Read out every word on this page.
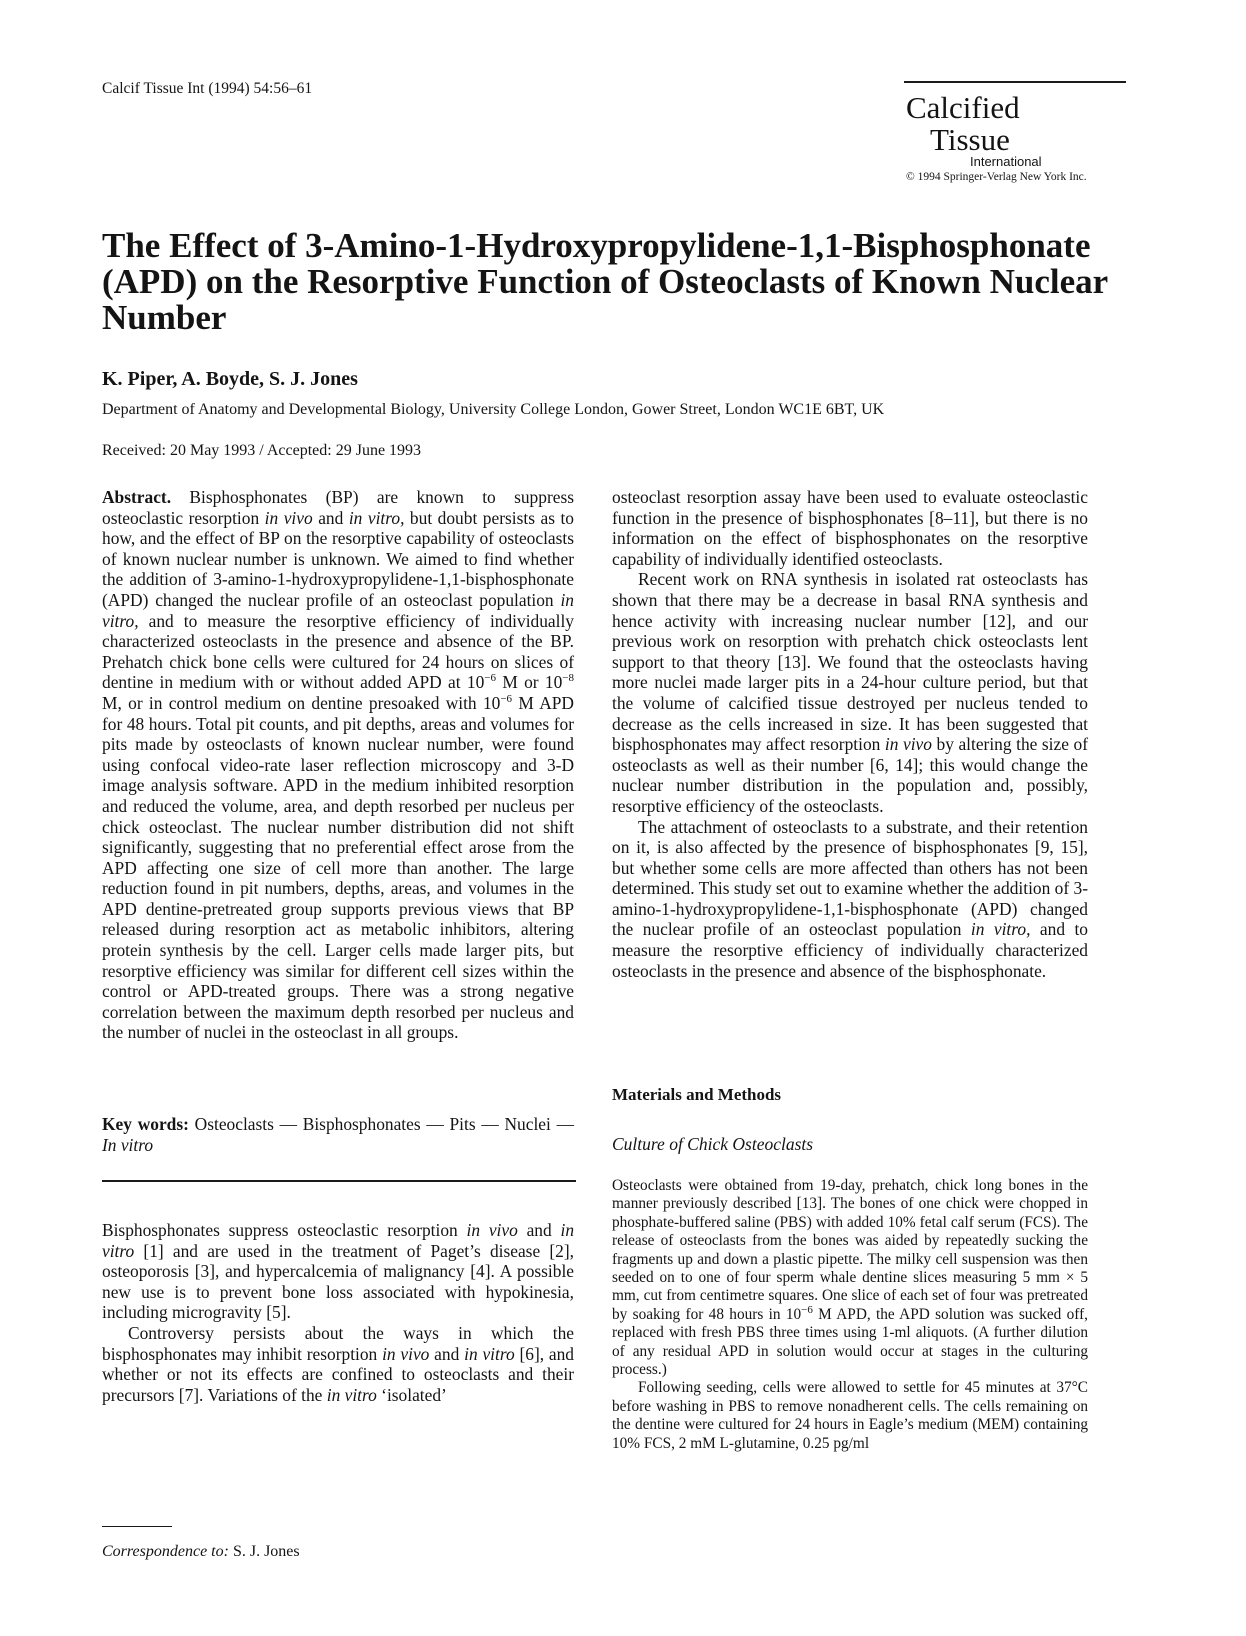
Calcif Tissue Int (1994) 54:56–61
Calcified
Tissue
International
© 1994 Springer-Verlag New York Inc.
The Effect of 3-Amino-1-Hydroxypropylidene-1,1-Bisphosphonate (APD) on the Resorptive Function of Osteoclasts of Known Nuclear Number
K. Piper, A. Boyde, S. J. Jones
Department of Anatomy and Developmental Biology, University College London, Gower Street, London WC1E 6BT, UK
Received: 20 May 1993 / Accepted: 29 June 1993

Abstract. Bisphosphonates (BP) are known to suppress osteoclastic resorption in vivo and in vitro, but doubt persists as to how, and the effect of BP on the resorptive capability of osteoclasts of known nuclear number is unknown. We aimed to find whether the addition of 3-amino-1-hydroxypropylidene-1,1-bisphosphonate (APD) changed the nuclear profile of an osteoclast population in vitro, and to measure the resorptive efficiency of individually characterized osteoclasts in the presence and absence of the BP. Prehatch chick bone cells were cultured for 24 hours on slices of dentine in medium with or without added APD at $10^{-6}$ M or $10^{-8}$ M, or in control medium on dentine presoaked with $10^{-6}$ M APD for 48 hours. Total pit counts, and pit depths, areas and volumes for pits made by osteoclasts of known nuclear number, were found using confocal video-rate laser reflection microscopy and 3-D image analysis software. APD in the medium inhibited resorption and reduced the volume, area, and depth resorbed per nucleus per chick osteoclast. The nuclear number distribution did not shift significantly, suggesting that no preferential effect arose from the APD affecting one size of cell more than another. The large reduction found in pit numbers, depths, areas, and volumes in the APD dentine-pretreated group supports previous views that BP released during resorption act as metabolic inhibitors, altering protein synthesis by the cell. Larger cells made larger pits, but resorptive efficiency was similar for different cell sizes within the control or APD-treated groups. There was a strong negative correlation between the maximum depth resorbed per nucleus and the number of nuclei in the osteoclast in all groups.

Key words: Osteoclasts — Bisphosphonates — Pits — Nuclei — In vitro

Bisphosphonates suppress osteoclastic resorption in vivo and in vitro [1] and are used in the treatment of Paget’s disease [2], osteoporosis [3], and hypercalcemia of malignancy [4]. A possible new use is to prevent bone loss associated with hypokinesia, including microgravity [5].

Controversy persists about the ways in which the bisphosphonates may inhibit resorption in vivo and in vitro [6], and whether or not its effects are confined to osteoclasts and their precursors [7]. Variations of the in vitro ‘isolated’

Correspondence to: S. J. Jones

osteoclast resorption assay have been used to evaluate osteoclastic function in the presence of bisphosphonates [8–11], but there is no information on the effect of bisphosphonates on the resorptive capability of individually identified osteoclasts.

Recent work on RNA synthesis in isolated rat osteoclasts has shown that there may be a decrease in basal RNA synthesis and hence activity with increasing nuclear number [12], and our previous work on resorption with prehatch chick osteoclasts lent support to that theory [13]. We found that the osteoclasts having more nuclei made larger pits in a 24-hour culture period, but that the volume of calcified tissue destroyed per nucleus tended to decrease as the cells increased in size. It has been suggested that bisphosphonates may affect resorption in vivo by altering the size of osteoclasts as well as their number [6, 14]; this would change the nuclear number distribution in the population and, possibly, resorptive efficiency of the osteoclasts.

The attachment of osteoclasts to a substrate, and their retention on it, is also affected by the presence of bisphosphonates [9, 15], but whether some cells are more affected than others has not been determined. This study set out to examine whether the addition of 3-amino-1-hydroxypropylidene-1,1-bisphosphonate (APD) changed the nuclear profile of an osteoclast population in vitro, and to measure the resorptive efficiency of individually characterized osteoclasts in the presence and absence of the bisphosphonate.

Materials and Methods
Culture of Chick Osteoclasts

Osteoclasts were obtained from 19-day, prehatch, chick long bones in the manner previously described [13]. The bones of one chick were chopped in phosphate-buffered saline (PBS) with added 10% fetal calf serum (FCS). The release of osteoclasts from the bones was aided by repeatedly sucking the fragments up and down a plastic pipette. The milky cell suspension was then seeded on to one of four sperm whale dentine slices measuring 5 mm × 5 mm, cut from centimetre squares. One slice of each set of four was pretreated by soaking for 48 hours in $10^{-6}$ M APD, the APD solution was sucked off, replaced with fresh PBS three times using 1-ml aliquots. (A further dilution of any residual APD in solution would occur at stages in the culturing process.)

Following seeding, cells were allowed to settle for 45 minutes at 37°C before washing in PBS to remove nonadherent cells. The cells remaining on the dentine were cultured for 24 hours in Eagle’s medium (MEM) containing 10% FCS, 2 mM L-glutamine, 0.25 pg/ml
